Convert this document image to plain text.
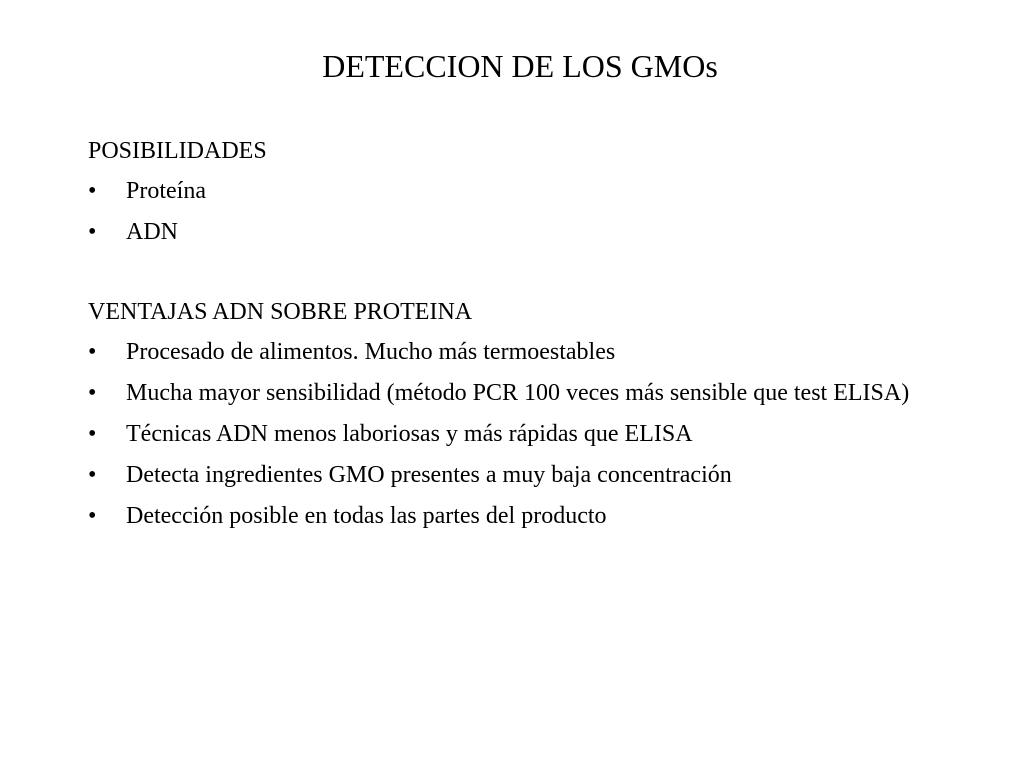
DETECCION DE LOS GMOs

POSIBILIDADES

• Proteína
• ADN

VENTAJAS ADN SOBRE PROTEINA

• Procesado de alimentos. Mucho más termoestables
• Mucha mayor sensibilidad (método PCR 100 veces más sensible que test ELISA)
• Técnicas ADN menos laboriosas y más rápidas que ELISA
• Detecta ingredientes GMO presentes a muy baja concentración
• Detección posible en todas las partes del producto
